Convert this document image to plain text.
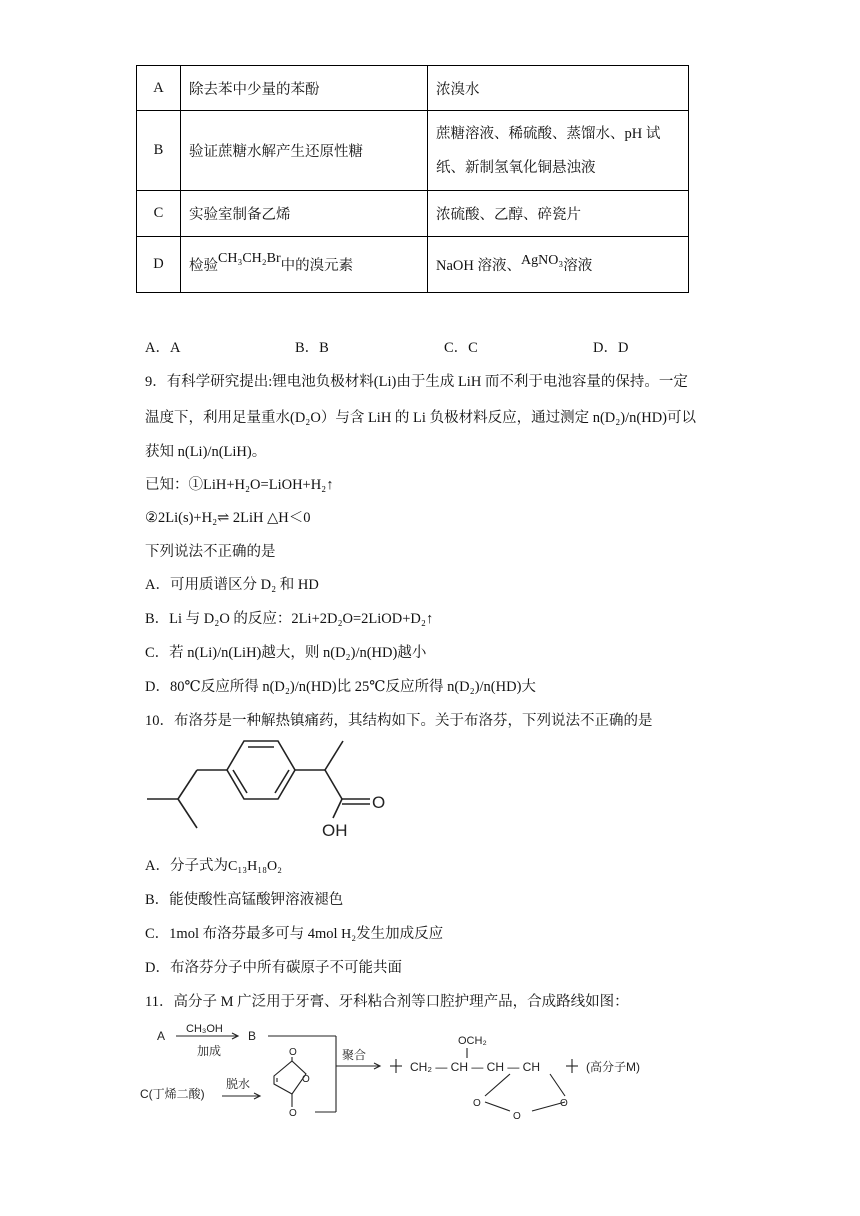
A	除去苯中少量的苯酚	浓溴水
B	验证蔗糖水解产生还原性糖	蔗糖溶液、稀硫酸、蒸馏水、pH 试
纸、新制氢氧化铜悬浊液

C	实验室制备乙烯	浓硫酸、乙醇、碎瓷片
D	检验CH₃CH₂Br中的溴元素	NaOH 溶液、AgNO₃溶液
A．A	B．B	C．C	D．D
9．有科学研究提出:锂电池负极材料(Li)由于生成 LiH 而不利于电池容量的保持。一定
温度下，利用足量重水(D₂O）与含 LiH 的 Li 负极材料反应，通过测定 n(D₂)/n(HD)可以
获知 n(Li)/n(LiH)。
已知：①LiH+H₂O=LiOH+H₂↑
②2Li(s)+H₂⇌ 2LiH △H＜0
下列说法不正确的是
A．可用质谱区分 D₂ 和 HD
B．Li 与 D₂O 的反应：2Li+2D₂O=2LiOD+D₂↑
C．若 n(Li)/n(LiH)越大，则 n(D₂)/n(HD)越小
D．80℃反应所得 n(D₂)/n(HD)比 25℃反应所得 n(D₂)/n(HD)大
10．布洛芬是一种解热镇痛药，其结构如下。关于布洛芬，下列说法不正确的是
O
OH
A．分子式为C₁₃H₁₈O₂
B．能使酸性高锰酸钾溶液褪色
C．1mol 布洛芬最多可与 4mol H₂发生加成反应
D．布洛芬分子中所有碳原子不可能共面
11．高分子 M 广泛用于牙膏、牙科粘合剂等口腔护理产品，合成路线如图：
A CH₃OH
加成
B
C(丁烯二酸)
脱水
聚合
O
O
O
OCH₂
CH₂ — CH — CH — CH	(高分子M)
O
O
O
